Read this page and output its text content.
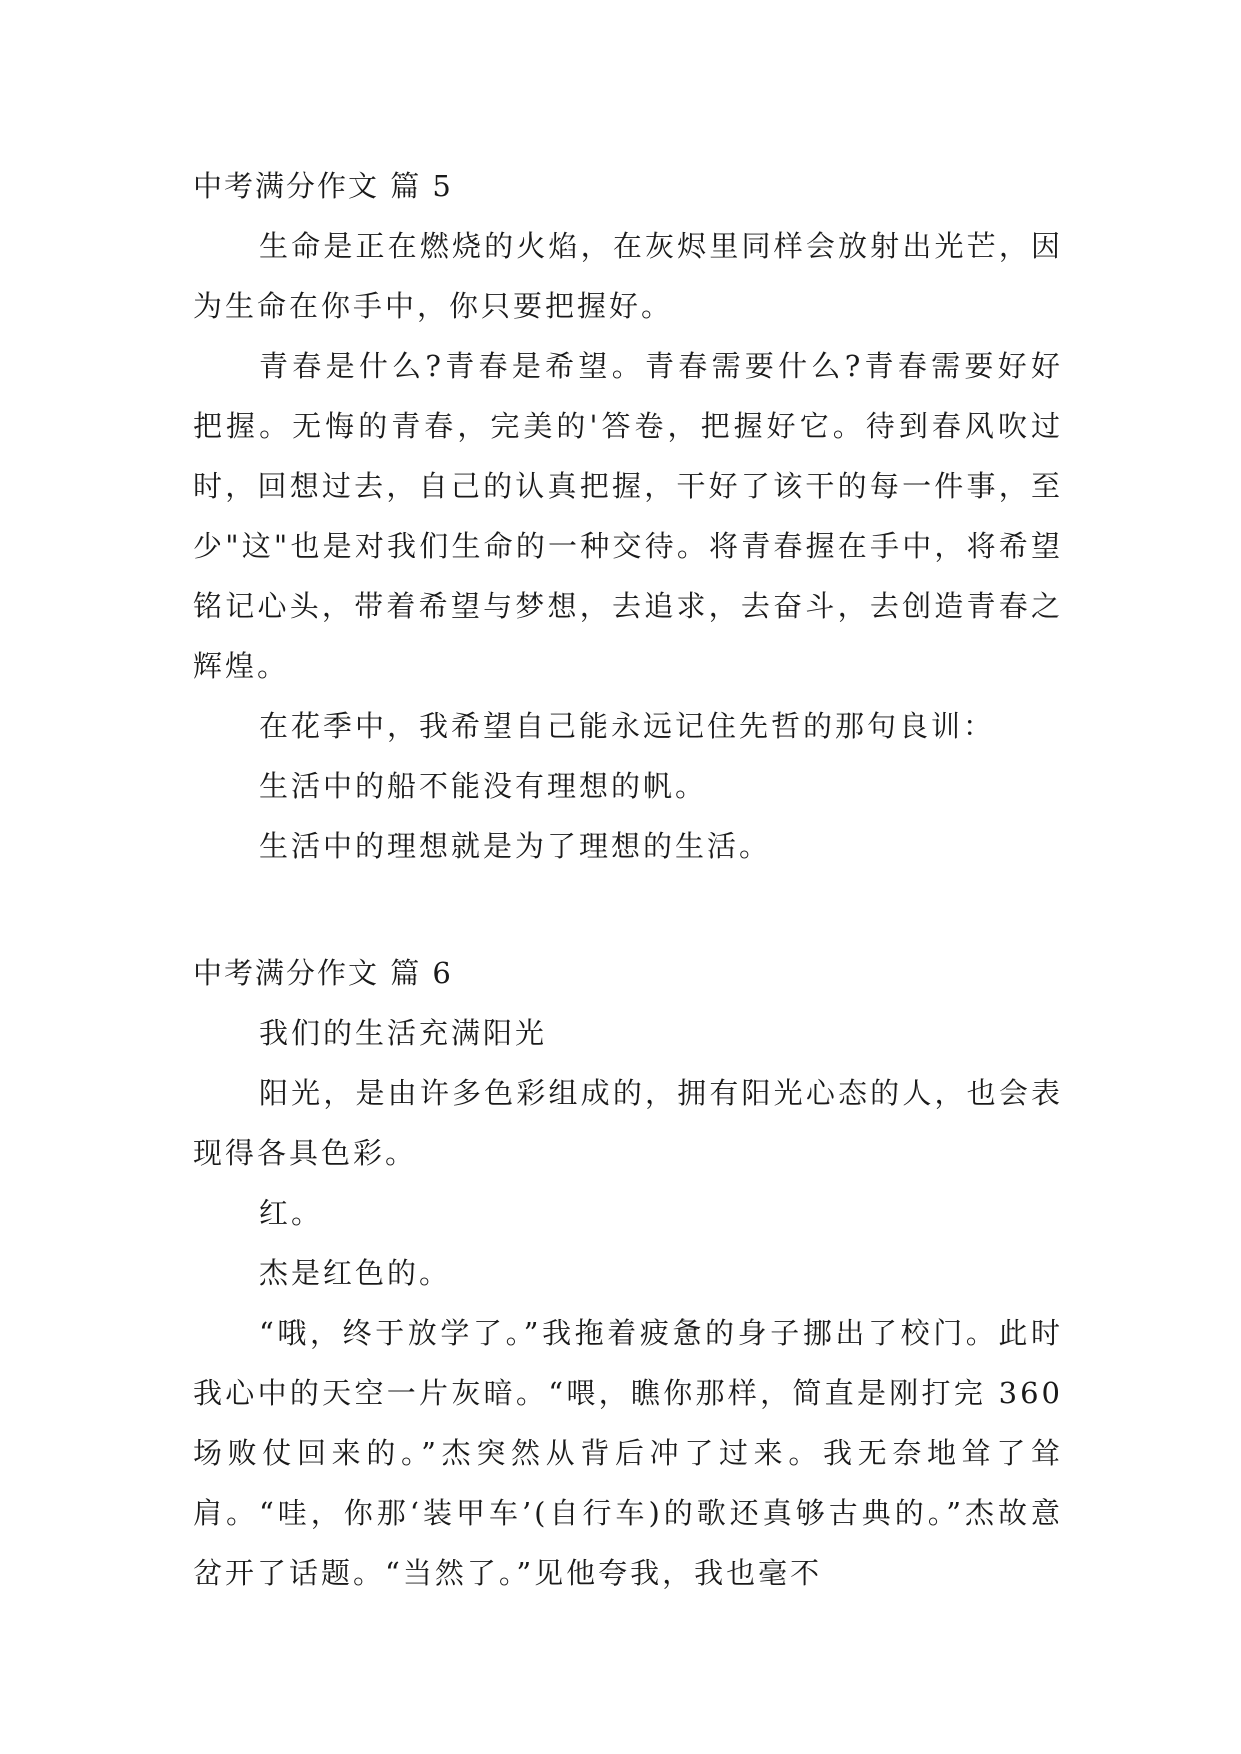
中考满分作文 篇 5

生命是正在燃烧的火焰，在灰烬里同样会放射出光芒，因为生命在你手中，你只要把握好。

青春是什么?青春是希望。青春需要什么?青春需要好好把握。无悔的青春，完美的'答卷，把握好它。待到春风吹过时，回想过去，自己的认真把握，干好了该干的每一件事，至少"这"也是对我们生命的一种交待。将青春握在手中，将希望铭记心头，带着希望与梦想，去追求，去奋斗，去创造青春之辉煌。

在花季中，我希望自己能永远记住先哲的那句良训：

生活中的船不能没有理想的帆。

生活中的理想就是为了理想的生活。

中考满分作文 篇 6

我们的生活充满阳光

阳光，是由许多色彩组成的，拥有阳光心态的人，也会表现得各具色彩。

红。

杰是红色的。

“哦，终于放学了。”我拖着疲惫的身子挪出了校门。此时我心中的天空一片灰暗。“喂，瞧你那样，简直是刚打完 360 场败仗回来的。”杰突然从背后冲了过来。我无奈地耸了耸肩。“哇，你那‘装甲车’(自行车)的歌还真够古典的。”杰故意岔开了话题。“当然了。”见他夸我，我也毫不
